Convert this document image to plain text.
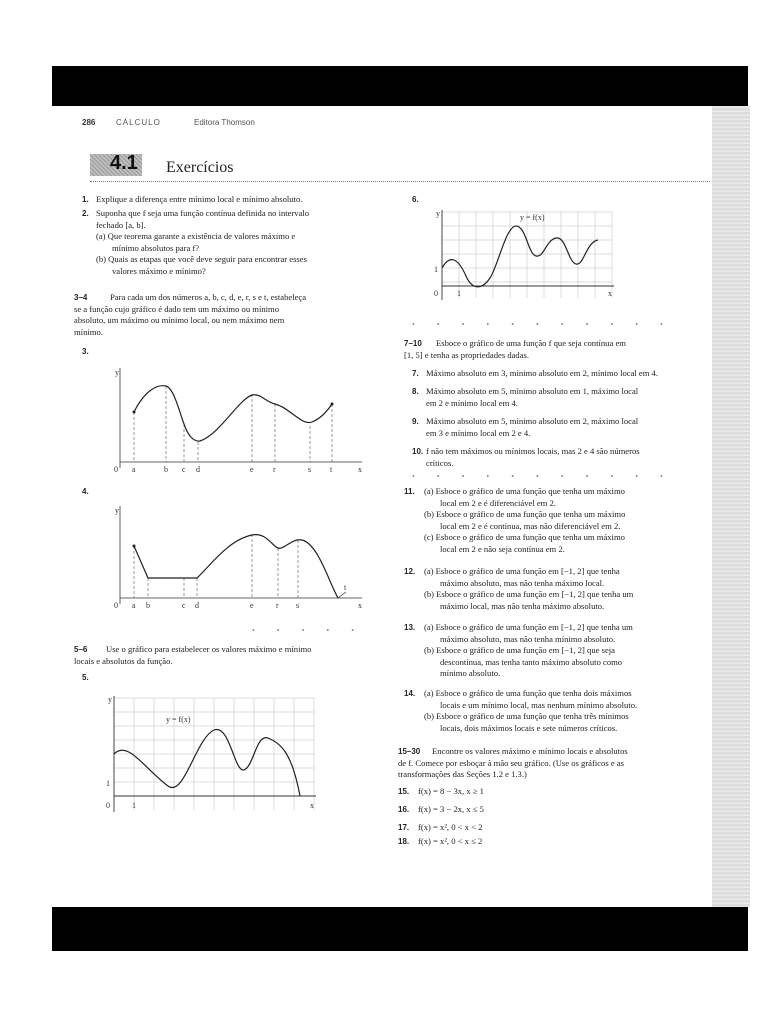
286	CÁLCULO	Editora Thomson
4.1 Exercícios
1. Explique a diferença entre mínimo local e mínimo absoluto.
2. Suponha que f seja uma função contínua definida no intervalo
fechado [a, b].
(a) Que teorema garante a existência de valores máximo e
mínimo absolutos para f?
(b) Quais as etapas que você deve seguir para encontrar esses
valores máximo e mínimo?
3–4	Para cada um dos números a, b, c, d, e, r, s e t, estabeleça
se a função cujo gráfico é dado tem um máximo ou mínimo
absoluto, um máximo ou mínimo local, ou nem máximo nem
mínimo.
3.
y
x
0 a	b c d	e r	s t
4.
y
x
0 a b	c d	e	r s
t
• • • • •
5–6 Use o gráfico para estabelecer os valores máximo e mínimo
locais e absolutos da função.
5.
y
x
0	1
1
y = f(x)
6.
y
x
0 1
1
y = f(x)
• • • • • • • • • • •
7–10 Esboce o gráfico de uma função f que seja contínua em
[1, 5] e tenha as propriedades dadas.
7. Máximo absoluto em 3, mínimo absoluto em 2, mínimo local em 4.
8. Máximo absoluto em 5, mínimo absoluto em 1, máximo local
em 2 e mínimo local em 4.
9. Máximo absoluto em 5, mínimo absoluto em 2, máximo local
em 3 e mínimo local em 2 e 4.
10. f não tem máximos ou mínimos locais, mas 2 e 4 são números
críticos.
• • • • • • • • • • •
11. (a) Esboce o gráfico de uma função que tenha um máximo
local em 2 e é diferenciável em 2.
(b) Esboce o gráfico de uma função que tenha um máximo
local em 2 e é contínua, mas não diferenciável em 2.
(c) Esboce o gráfico de uma função que tenha um máximo
local em 2 e não seja contínua em 2.
12. (a) Esboce o gráfico de uma função em [−1, 2] que tenha
máximo absoluto, mas não tenha máximo local.
(b) Esboce o gráfico de uma função em [−1, 2] que tenha um
máximo local, mas não tenha máximo absoluto.
13. (a) Esboce o gráfico de uma função em [−1, 2] que tenha um
máximo absoluto, mas não tenha mínimo absoluto.
(b) Esboce o gráfico de uma função em [−1, 2] que seja
descontínua, mas tenha tanto máximo absoluto como
mínimo absoluto.
14. (a) Esboce o gráfico de uma função que tenha dois máximos
locais e um mínimo local, mas nenhum mínimo absoluto.
(b) Esboce o gráfico de uma função que tenha três mínimos
locais, dois máximos locais e sete números críticos.
15–30 Encontre os valores máximo e mínimo locais e absolutos
de f. Comece por esboçar à mão seu gráfico. (Use os gráficos e as
transformações das Seções 1.2 e 1.3.)
15. f(x) = 8 − 3x, x ≥ 1
16. f(x) = 3 − 2x, x ≤ 5
17. f(x) = x², 0 < x < 2
18. f(x) = x², 0 < x ≤ 2
